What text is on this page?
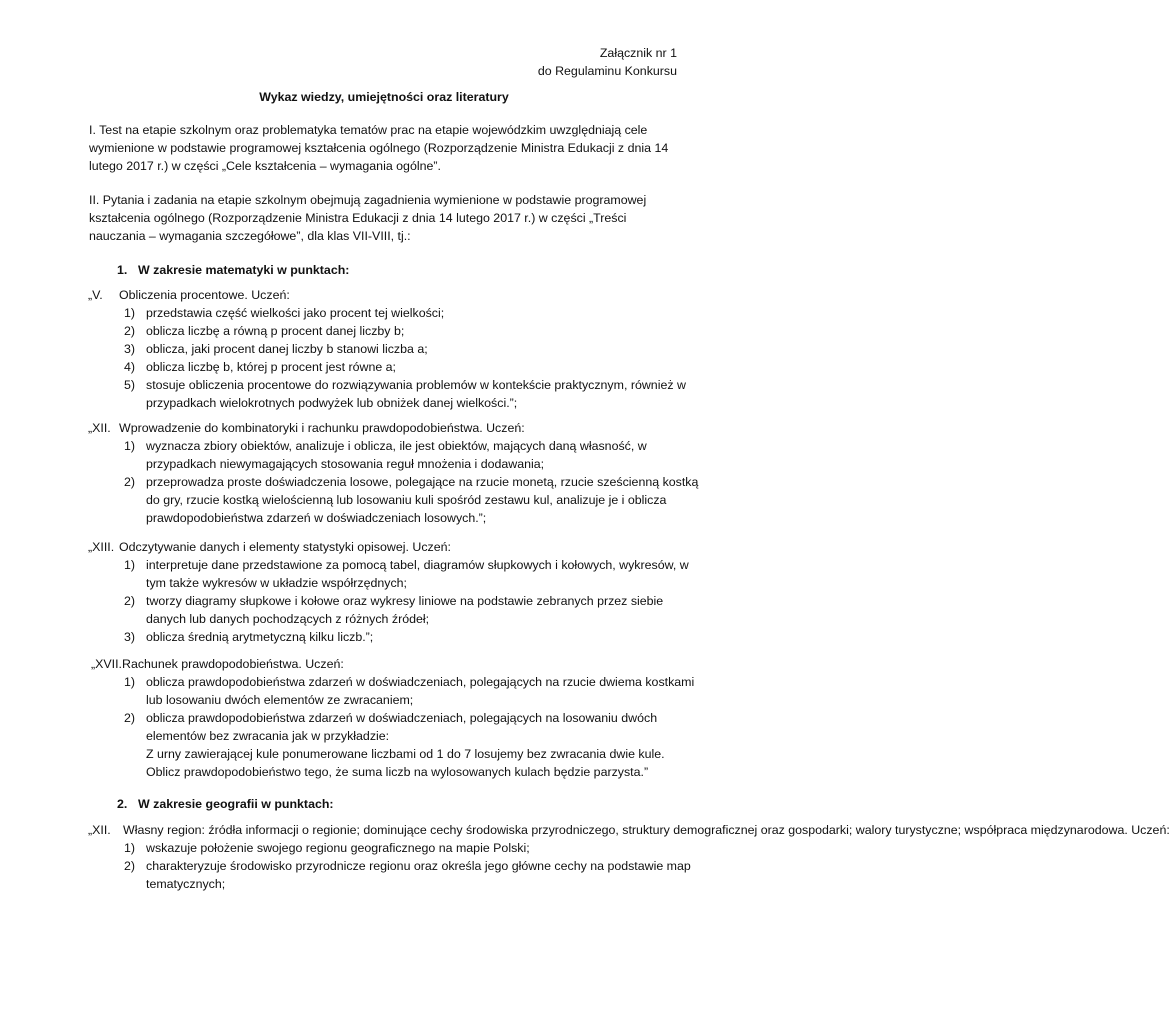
Załącznik nr 1
do Regulaminu Konkursu
Wykaz wiedzy, umiejętności oraz literatury
I. Test na etapie szkolnym oraz problematyka tematów prac na etapie wojewódzkim uwzględniają cele wymienione w podstawie programowej kształcenia ogólnego (Rozporządzenie Ministra Edukacji z dnia 14 lutego 2017 r.) w części „Cele kształcenia – wymagania ogólne”.
II. Pytania i zadania na etapie szkolnym obejmują zagadnienia wymienione w podstawie programowej kształcenia ogólnego (Rozporządzenie Ministra Edukacji z dnia 14 lutego 2017 r.) w części „Treści nauczania – wymagania szczegółowe”, dla klas VII-VIII, tj.:
1. W zakresie matematyki w punktach:
„V. Obliczenia procentowe. Uczeń:
1) przedstawia część wielkości jako procent tej wielkości;
2) oblicza liczbę a równą p procent danej liczby b;
3) oblicza, jaki procent danej liczby b stanowi liczba a;
4) oblicza liczbę b, której p procent jest równe a;
5) stosuje obliczenia procentowe do rozwiązywania problemów w kontekście praktycznym, również w przypadkach wielokrotnych podwyżek lub obniżek danej wielkości.”;
„XII. Wprowadzenie do kombinatoryki i rachunku prawdopodobieństwa. Uczeń:
1) wyznacza zbiory obiektów, analizuje i oblicza, ile jest obiektów, mających daną własność, w przypadkach niewymagających stosowania reguł mnożenia i dodawania;
2) przeprowadza proste doświadczenia losowe, polegające na rzucie monetą, rzucie sześcienną kostką do gry, rzucie kostką wielościenną lub losowaniu kuli spośród zestawu kul, analizuje je i oblicza prawdopodobieństwa zdarzeń w doświadczeniach losowych.”;
„XIII. Odczytywanie danych i elementy statystyki opisowej. Uczeń:
1) interpretuje dane przedstawione za pomocą tabel, diagramów słupkowych i kołowych, wykresów, w tym także wykresów w układzie współrzędnych;
2) tworzy diagramy słupkowe i kołowe oraz wykresy liniowe na podstawie zebranych przez siebie danych lub danych pochodzących z różnych źródeł;
3) oblicza średnią arytmetyczną kilku liczb.”;
„XVII.Rachunek prawdopodobieństwa. Uczeń:
1) oblicza prawdopodobieństwa zdarzeń w doświadczeniach, polegających na rzucie dwiema kostkami lub losowaniu dwóch elementów ze zwracaniem;
2) oblicza prawdopodobieństwa zdarzeń w doświadczeniach, polegających na losowaniu dwóch elementów bez zwracania jak w przykładzie:
Z urny zawierającej kule ponumerowane liczbami od 1 do 7 losujemy bez zwracania dwie kule. Oblicz prawdopodobieństwo tego, że suma liczb na wylosowanych kulach będzie parzysta.”
2. W zakresie geografii w punktach:
„XII. Własny region: źródła informacji o regionie; dominujące cechy środowiska przyrodniczego, struktury demograficznej oraz gospodarki; walory turystyczne; współpraca międzynarodowa. Uczeń:
1) wskazuje położenie swojego regionu geograficznego na mapie Polski;
2) charakteryzuje środowisko przyrodnicze regionu oraz określa jego główne cechy na podstawie map tematycznych;
